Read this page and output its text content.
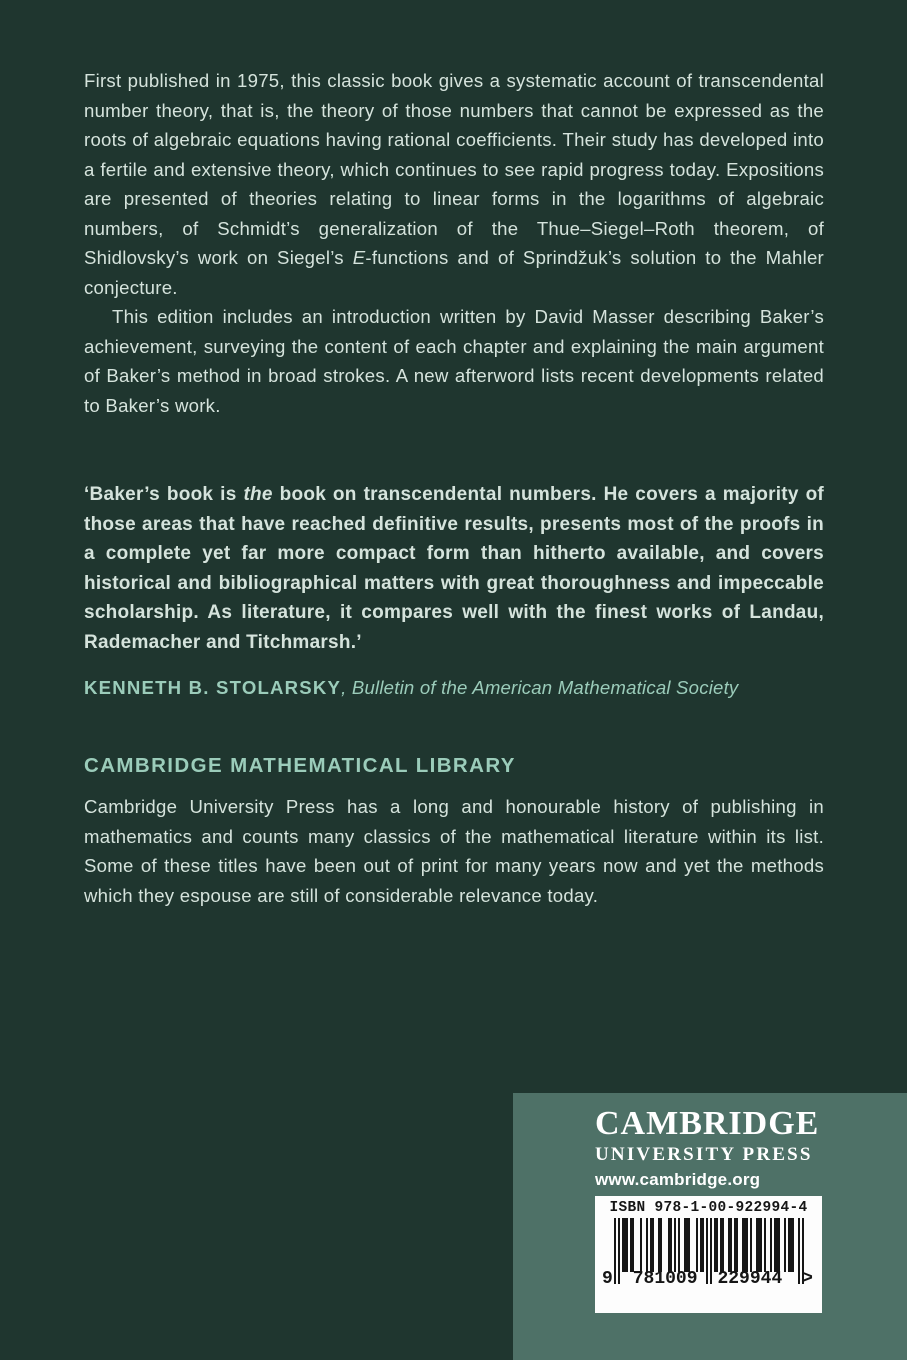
First published in 1975, this classic book gives a systematic account of transcendental number theory, that is, the theory of those numbers that cannot be expressed as the roots of algebraic equations having rational coefficients. Their study has developed into a fertile and extensive theory, which continues to see rapid progress today. Expositions are presented of theories relating to linear forms in the logarithms of algebraic numbers, of Schmidt’s generalization of the Thue–Siegel–Roth theorem, of Shidlovsky’s work on Siegel’s E-functions and of Sprindžuk’s solution to the Mahler conjecture.

This edition includes an introduction written by David Masser describing Baker’s achievement, surveying the content of each chapter and explaining the main argument of Baker’s method in broad strokes. A new afterword lists recent developments related to Baker’s work.

‘Baker’s book is the book on transcendental numbers. He covers a majority of those areas that have reached definitive results, presents most of the proofs in a complete yet far more compact form than hitherto available, and covers historical and bibliographical matters with great thoroughness and impeccable scholarship. As literature, it compares well with the finest works of Landau, Rademacher and Titchmarsh.’
KENNETH B. STOLARSKY, Bulletin of the American Mathematical Society
CAMBRIDGE MATHEMATICAL LIBRARY

Cambridge University Press has a long and honourable history of publishing in mathematics and counts many classics of the mathematical literature within its list. Some of these titles have been out of print for many years now and yet the methods which they espouse are still of considerable relevance today.

CAMBRIDGE
UNIVERSITY PRESS
www.cambridge.org
ISBN 978-1-00-922994-4
9 781009 229944 >
